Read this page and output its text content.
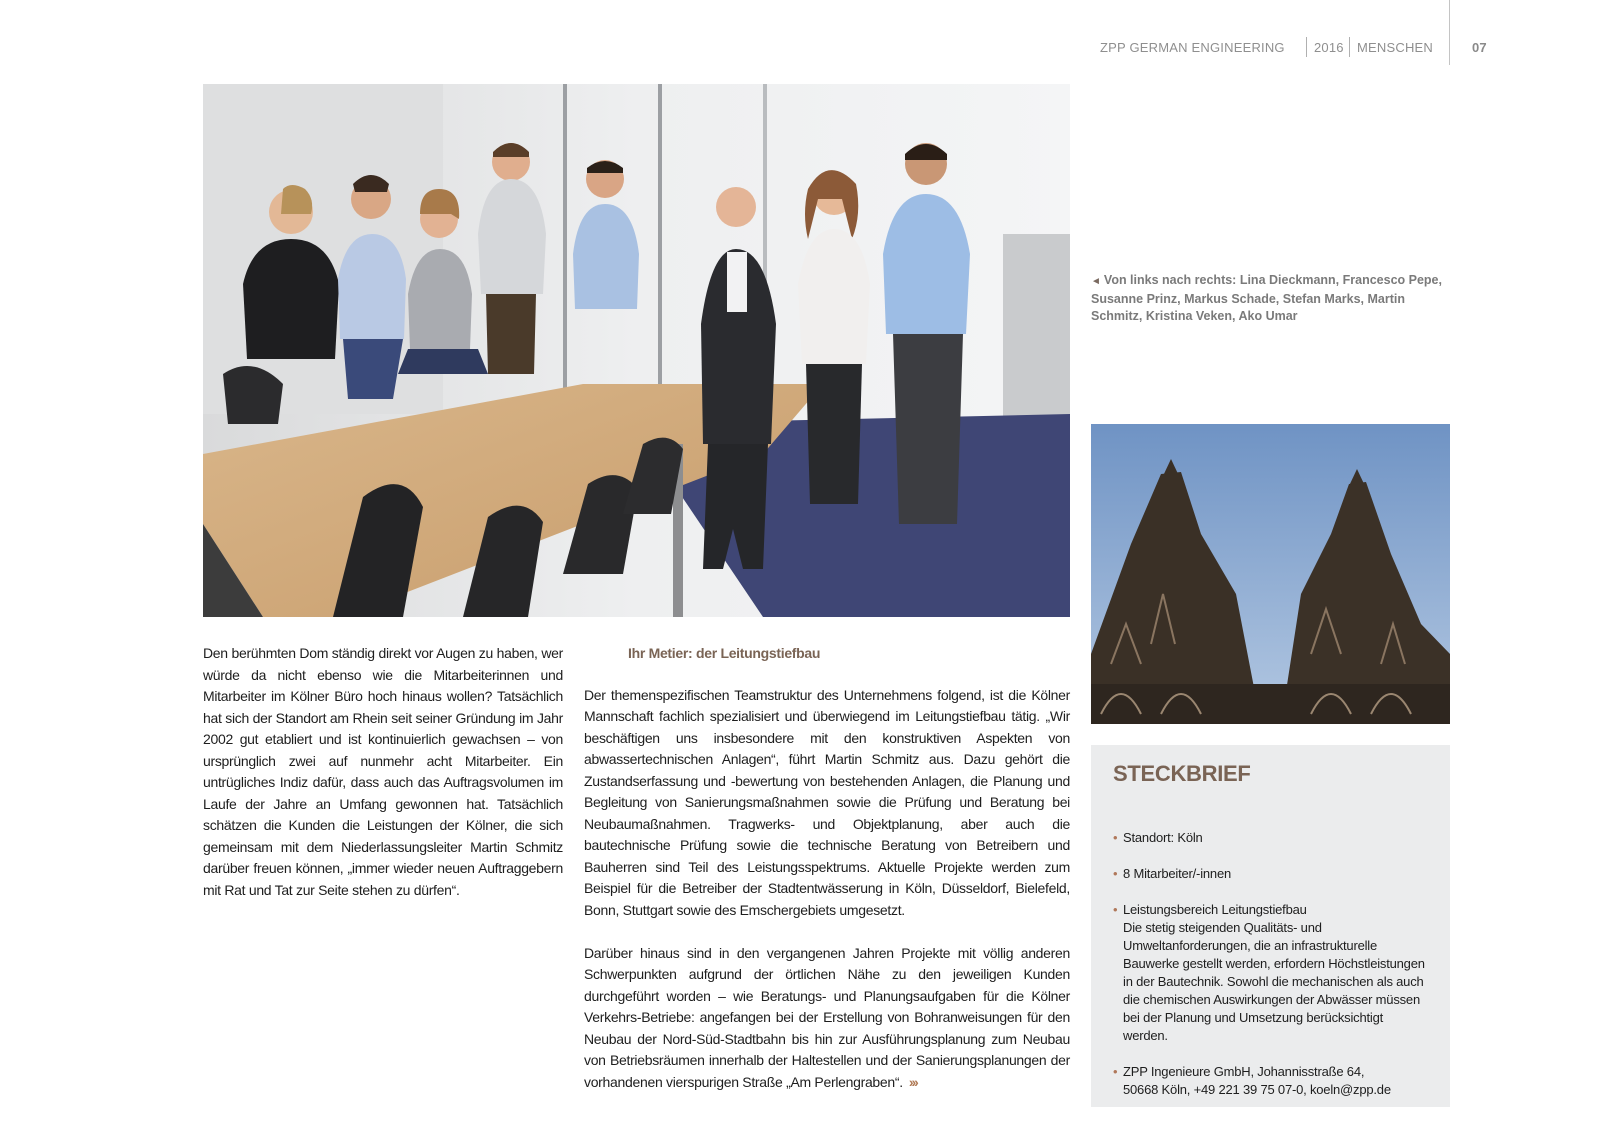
ZPP GERMAN ENGINEERING 2016 MENSCHEN	07
◄ Von links nach rechts: Lina Dieckmann, Francesco Pepe, Susanne Prinz, Markus Schade, Stefan Marks, Martin Schmitz, Kristina Veken, Ako Umar
Den berühmten Dom ständig direkt vor Augen zu haben, wer würde da nicht ebenso wie die Mitarbeiterinnen und Mitarbeiter im Kölner Büro hoch hinaus wollen? Tatsächlich hat sich der Standort am Rhein seit seiner Gründung im Jahr 2002 gut etabliert und ist kontinuierlich gewachsen – von ursprünglich zwei auf nunmehr acht Mitarbeiter. Ein untrügliches Indiz dafür, dass auch das Auftragsvolumen im Laufe der Jahre an Umfang gewonnen hat. Tatsächlich schätzen die Kunden die Leistungen der Kölner, die sich gemeinsam mit dem Niederlassungsleiter Martin Schmitz darüber freuen können, „immer wieder neuen Auftraggebern mit Rat und Tat zur Seite stehen zu dürfen“.
Ihr Metier: der Leitungstiefbau

Der themenspezifischen Teamstruktur des Unternehmens folgend, ist die Kölner Mannschaft fachlich spezialisiert und überwiegend im Leitungstiefbau tätig. „Wir beschäftigen uns insbesondere mit den konstruktiven Aspekten von abwassertechnischen Anlagen“, führt Martin Schmitz aus. Dazu gehört die Zustandserfassung und -bewertung von bestehenden Anlagen, die Planung und Begleitung von Sanierungsmaßnahmen sowie die Prüfung und Beratung bei Neubaumaßnahmen. Tragwerks- und Objektplanung, aber auch die bautechnische Prüfung sowie die technische Beratung von Betreibern und Bauherren sind Teil des Leistungsspektrums. Aktuelle Projekte werden zum Beispiel für die Betreiber der Stadtentwässerung in Köln, Düsseldorf, Bielefeld, Bonn, Stuttgart sowie des Emschergebiets umgesetzt.

Darüber hinaus sind in den vergangenen Jahren Projekte mit völlig anderen Schwerpunkten aufgrund der örtlichen Nähe zu den jeweiligen Kunden durchgeführt worden – wie Beratungs- und Planungsaufgaben für die Kölner Verkehrs-Betriebe: angefangen bei der Erstellung von Bohranweisungen für den Neubau der Nord-Süd-Stadtbahn bis hin zur Ausführungsplanung zum Neubau von Betriebsräumen innerhalb der Haltestellen und der Sanierungsplanungen der vorhandenen vierspurigen Straße „Am Perlengraben“. ›››

STECKBRIEF
• Standort: Köln
• 8 Mitarbeiter/-innen
• Leistungsbereich Leitungstiefbau
Die stetig steigenden Qualitäts- und Umweltanforderungen, die an infrastrukturelle Bauwerke gestellt werden, erfordern Höchstleistungen in der Bautechnik. Sowohl die mechanischen als auch die chemischen Auswirkungen der Abwässer müssen bei der Planung und Umsetzung berücksichtigt werden.
• ZPP Ingenieure GmbH, Johannisstraße 64,
50668 Köln, +49 221 39 75 07-0, koeln@zpp.de
